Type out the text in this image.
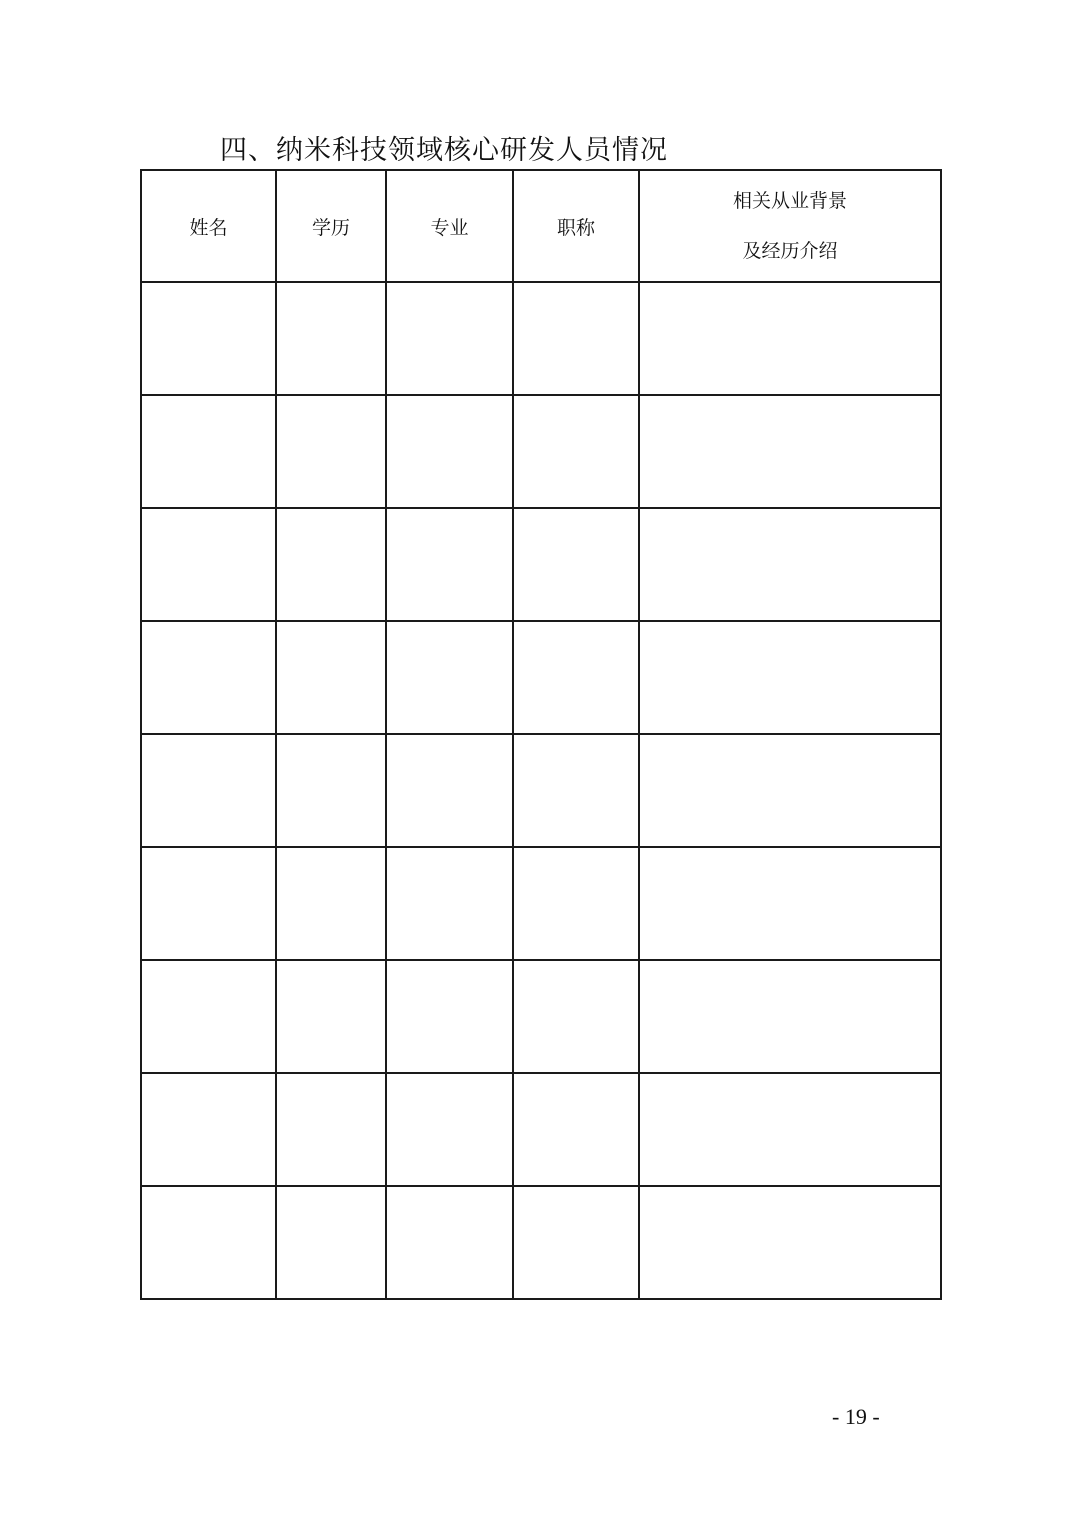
四、纳米科技领域核心研发人员情况
姓名	学历	专业	职称	相关从业背景
及经历介绍

- 19 -
